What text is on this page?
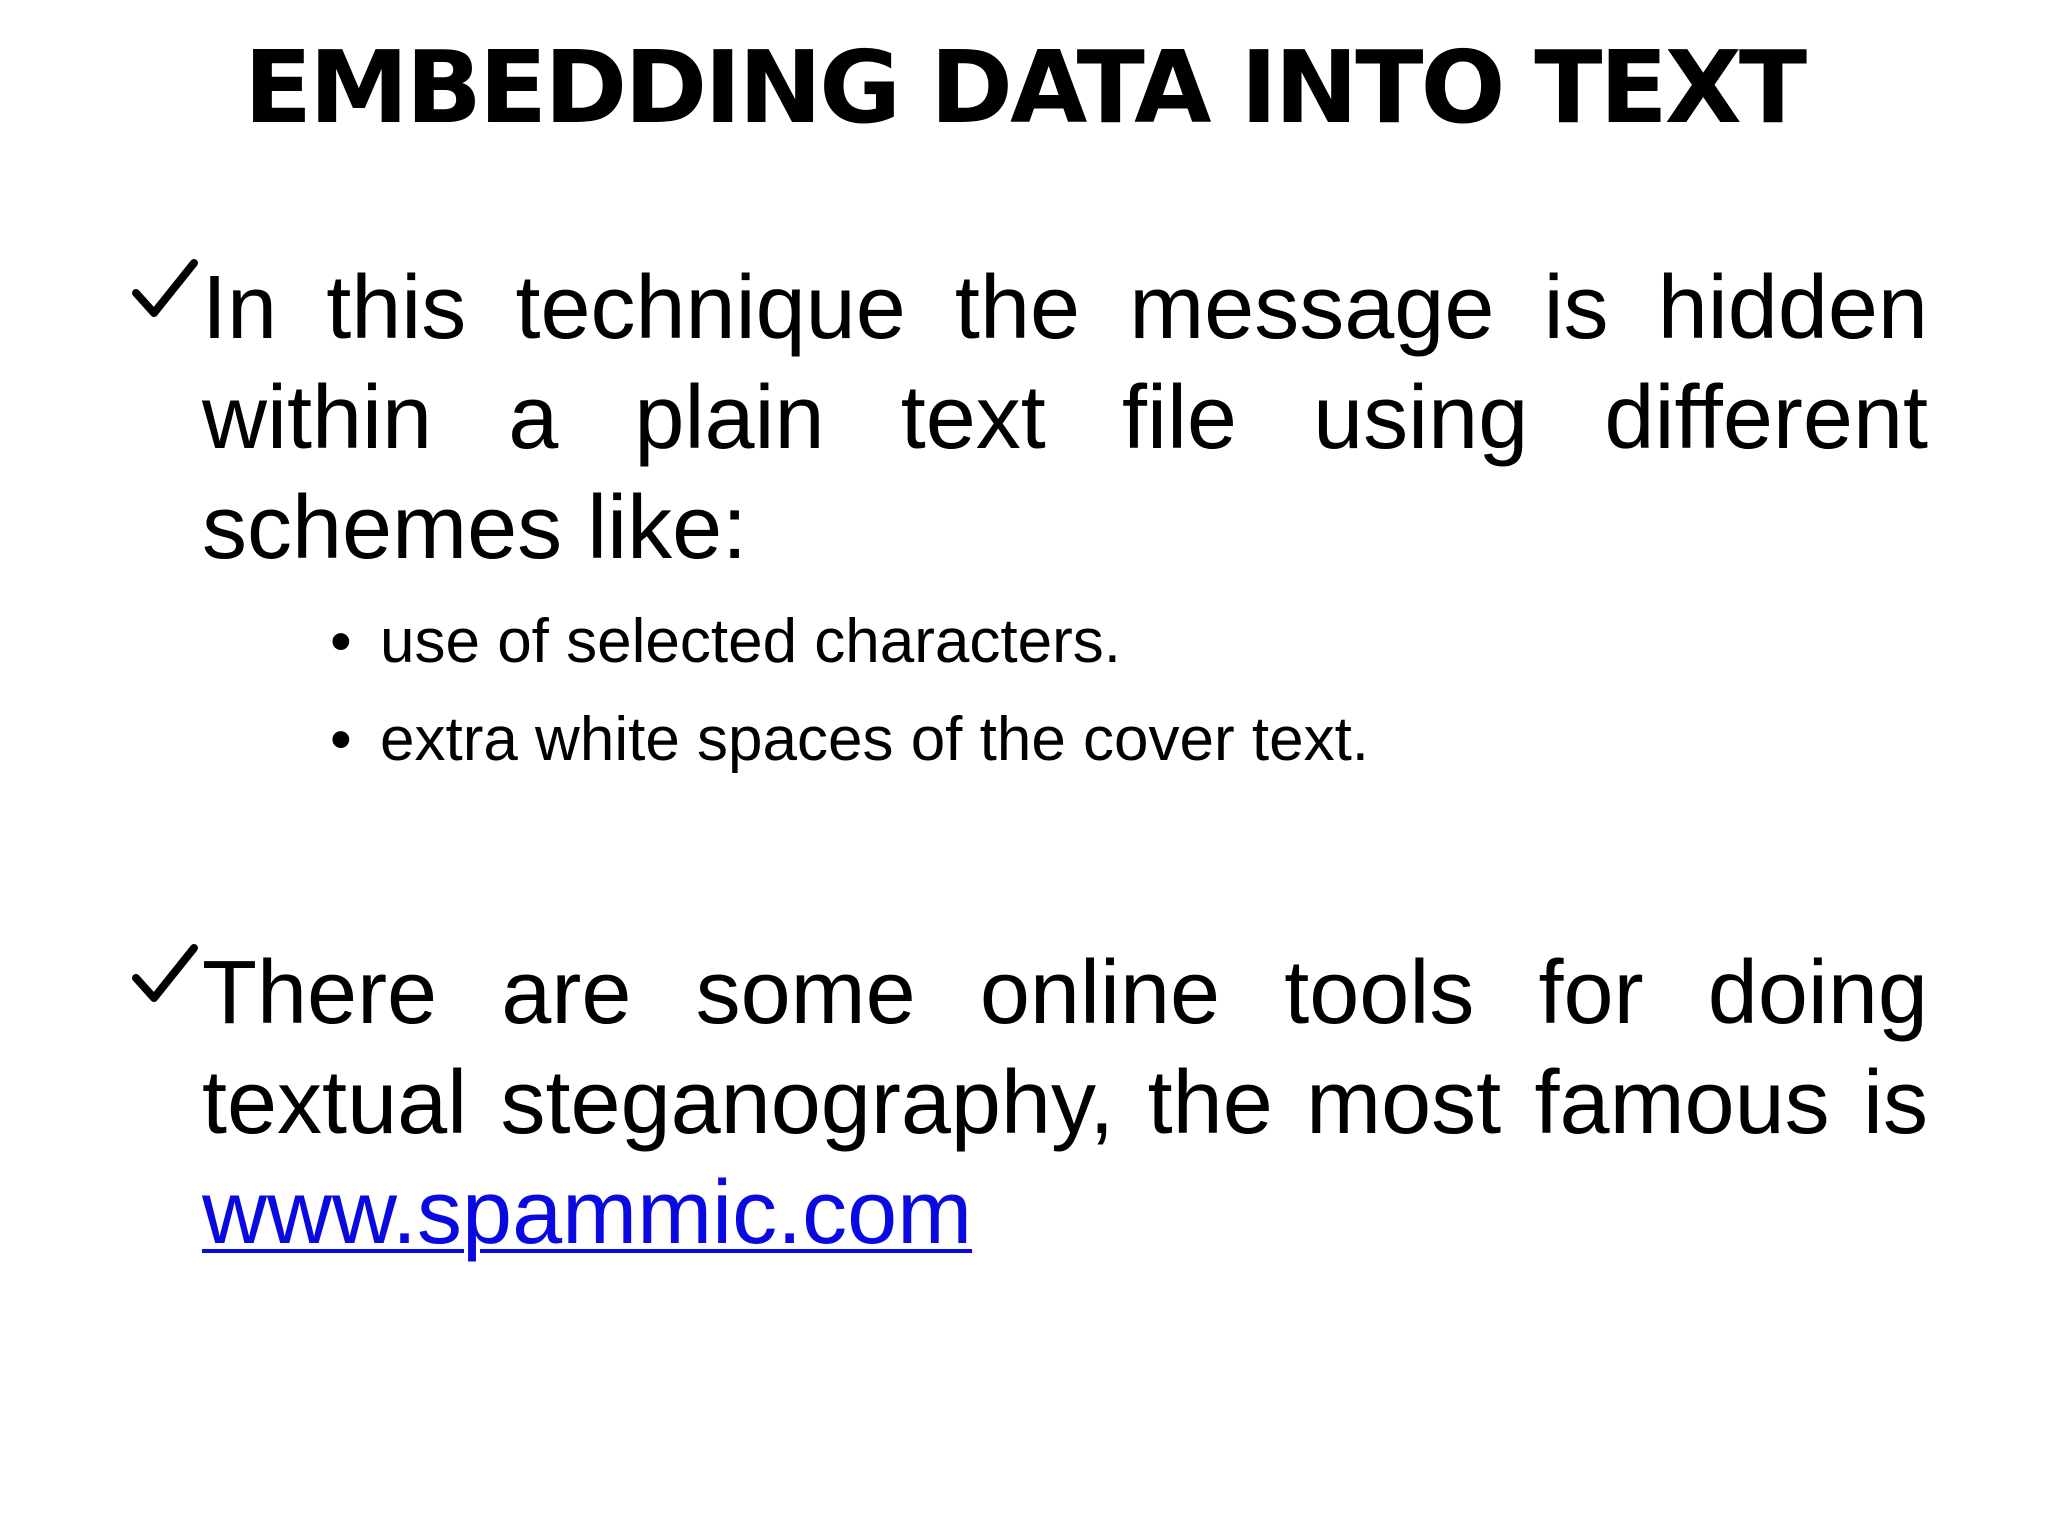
EMBEDDING DATA INTO TEXT
In this technique the message is hidden within a plain text file using different schemes like:
• use of selected characters.
• extra white spaces of the cover text.
There are some online tools for doing textual steganography, the most famous is www.spammic.com
